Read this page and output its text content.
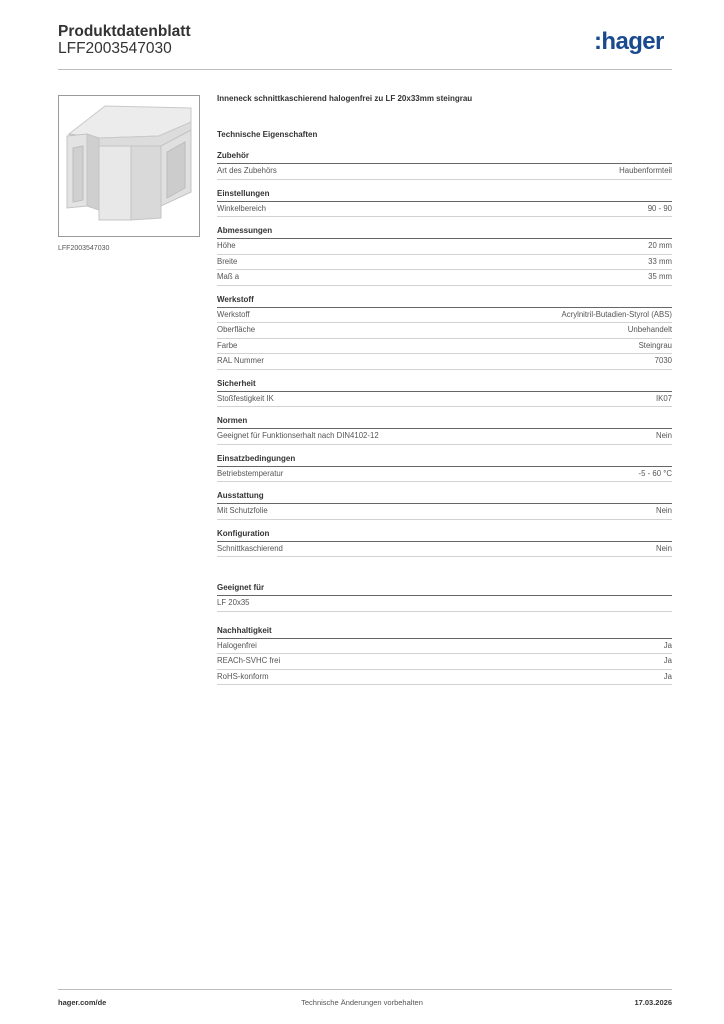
Produktdatenblatt
LFF2003547030	:hager
LFF2003547030
Inneneck schnittkaschierend halogenfrei zu LF 20x33mm steingrau
Technische Eigenschaften
Zubehör
Art des Zubehörs	Haubenformteil
Einstellungen
Winkelbereich	90 - 90
Abmessungen
Höhe	20 mm
Breite	33 mm
Maß a	35 mm
Werkstoff
Werkstoff	Acrylnitril-Butadien-Styrol (ABS)
Oberfläche	Unbehandelt
Farbe	Steingrau
RAL Nummer	7030
Sicherheit
Stoßfestigkeit IK	IK07
Normen
Geeignet für Funktionserhalt nach DIN4102-12	Nein
Einsatzbedingungen
Betriebstemperatur	-5 - 60 °C
Ausstattung
Mit Schutzfolie	Nein
Konfiguration
Schnittkaschierend	Nein
Geeignet für
LF 20x35
Nachhaltigkeit
Halogenfrei	Ja
REACh-SVHC frei	Ja
RoHS-konform	Ja
hager.com/de	Technische Änderungen vorbehalten	17.03.2026
